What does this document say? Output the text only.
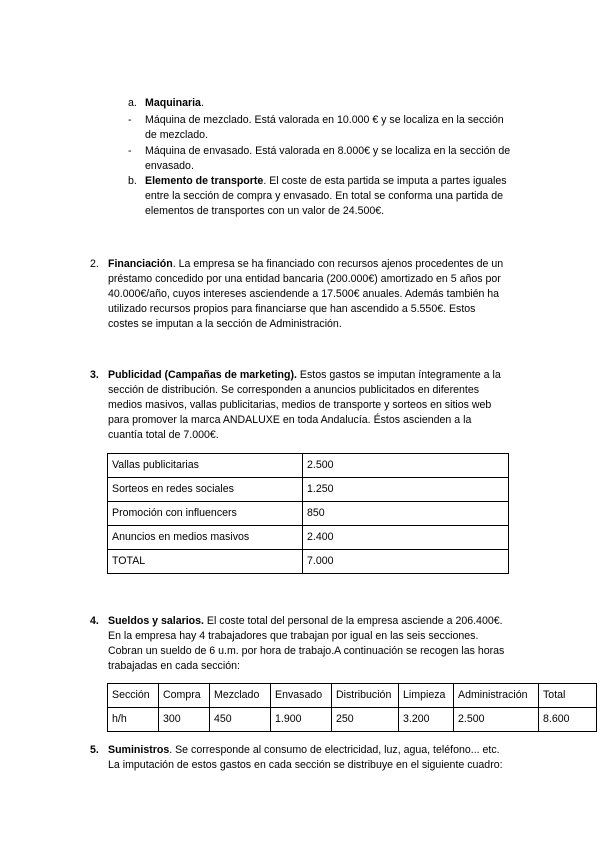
a. Maquinaria.
- Máquina de mezclado. Está valorada en 10.000 € y se localiza en la sección
de mezclado.
- Máquina de envasado. Está valorada en 8.000€ y se localiza en la sección de
envasado.
b. Elemento de transporte. El coste de esta partida se imputa a partes iguales
entre la sección de compra y envasado. En total se conforma una partida de
elementos de transportes con un valor de 24.500€.
2. Financiación. La empresa se ha financiado con recursos ajenos procedentes de un
préstamo concedido por una entidad bancaria (200.000€) amortizado en 5 años por
40.000€/año, cuyos intereses asciendende a 17.500€ anuales. Además también ha
utilizado recursos propios para financiarse que han ascendido a 5.550€. Estos
costes se imputan a la sección de Administración.
3. Publicidad (Campañas de marketing). Estos gastos se imputan íntegramente a la
sección de distribución. Se corresponden a anuncios publicitados en diferentes
medios masivos, vallas publicitarias, medios de transporte y sorteos en sitios web
para promover la marca ANDALUXE en toda Andalucía. Éstos ascienden a la
cuantía total de 7.000€.
Vallas publicitarias	2.500
Sorteos en redes sociales	1.250
Promoción con influencers	850
Anuncios en medios masivos	2.400
TOTAL	7.000
4. Sueldos y salarios. El coste total del personal de la empresa asciende a 206.400€.
En la empresa hay 4 trabajadores que trabajan por igual en las seis secciones.
Cobran un sueldo de 6 u.m. por hora de trabajo.A continuación se recogen las horas
trabajadas en cada sección:
Sección	Compra	Mezclado	Envasado	Distribución	Limpieza	Administración	Total
h/h	300	450	1.900	250	3.200	2.500	8.600
5. Suministros. Se corresponde al consumo de electricidad, luz, agua, teléfono... etc.
La imputación de estos gastos en cada sección se distribuye en el siguiente cuadro:
